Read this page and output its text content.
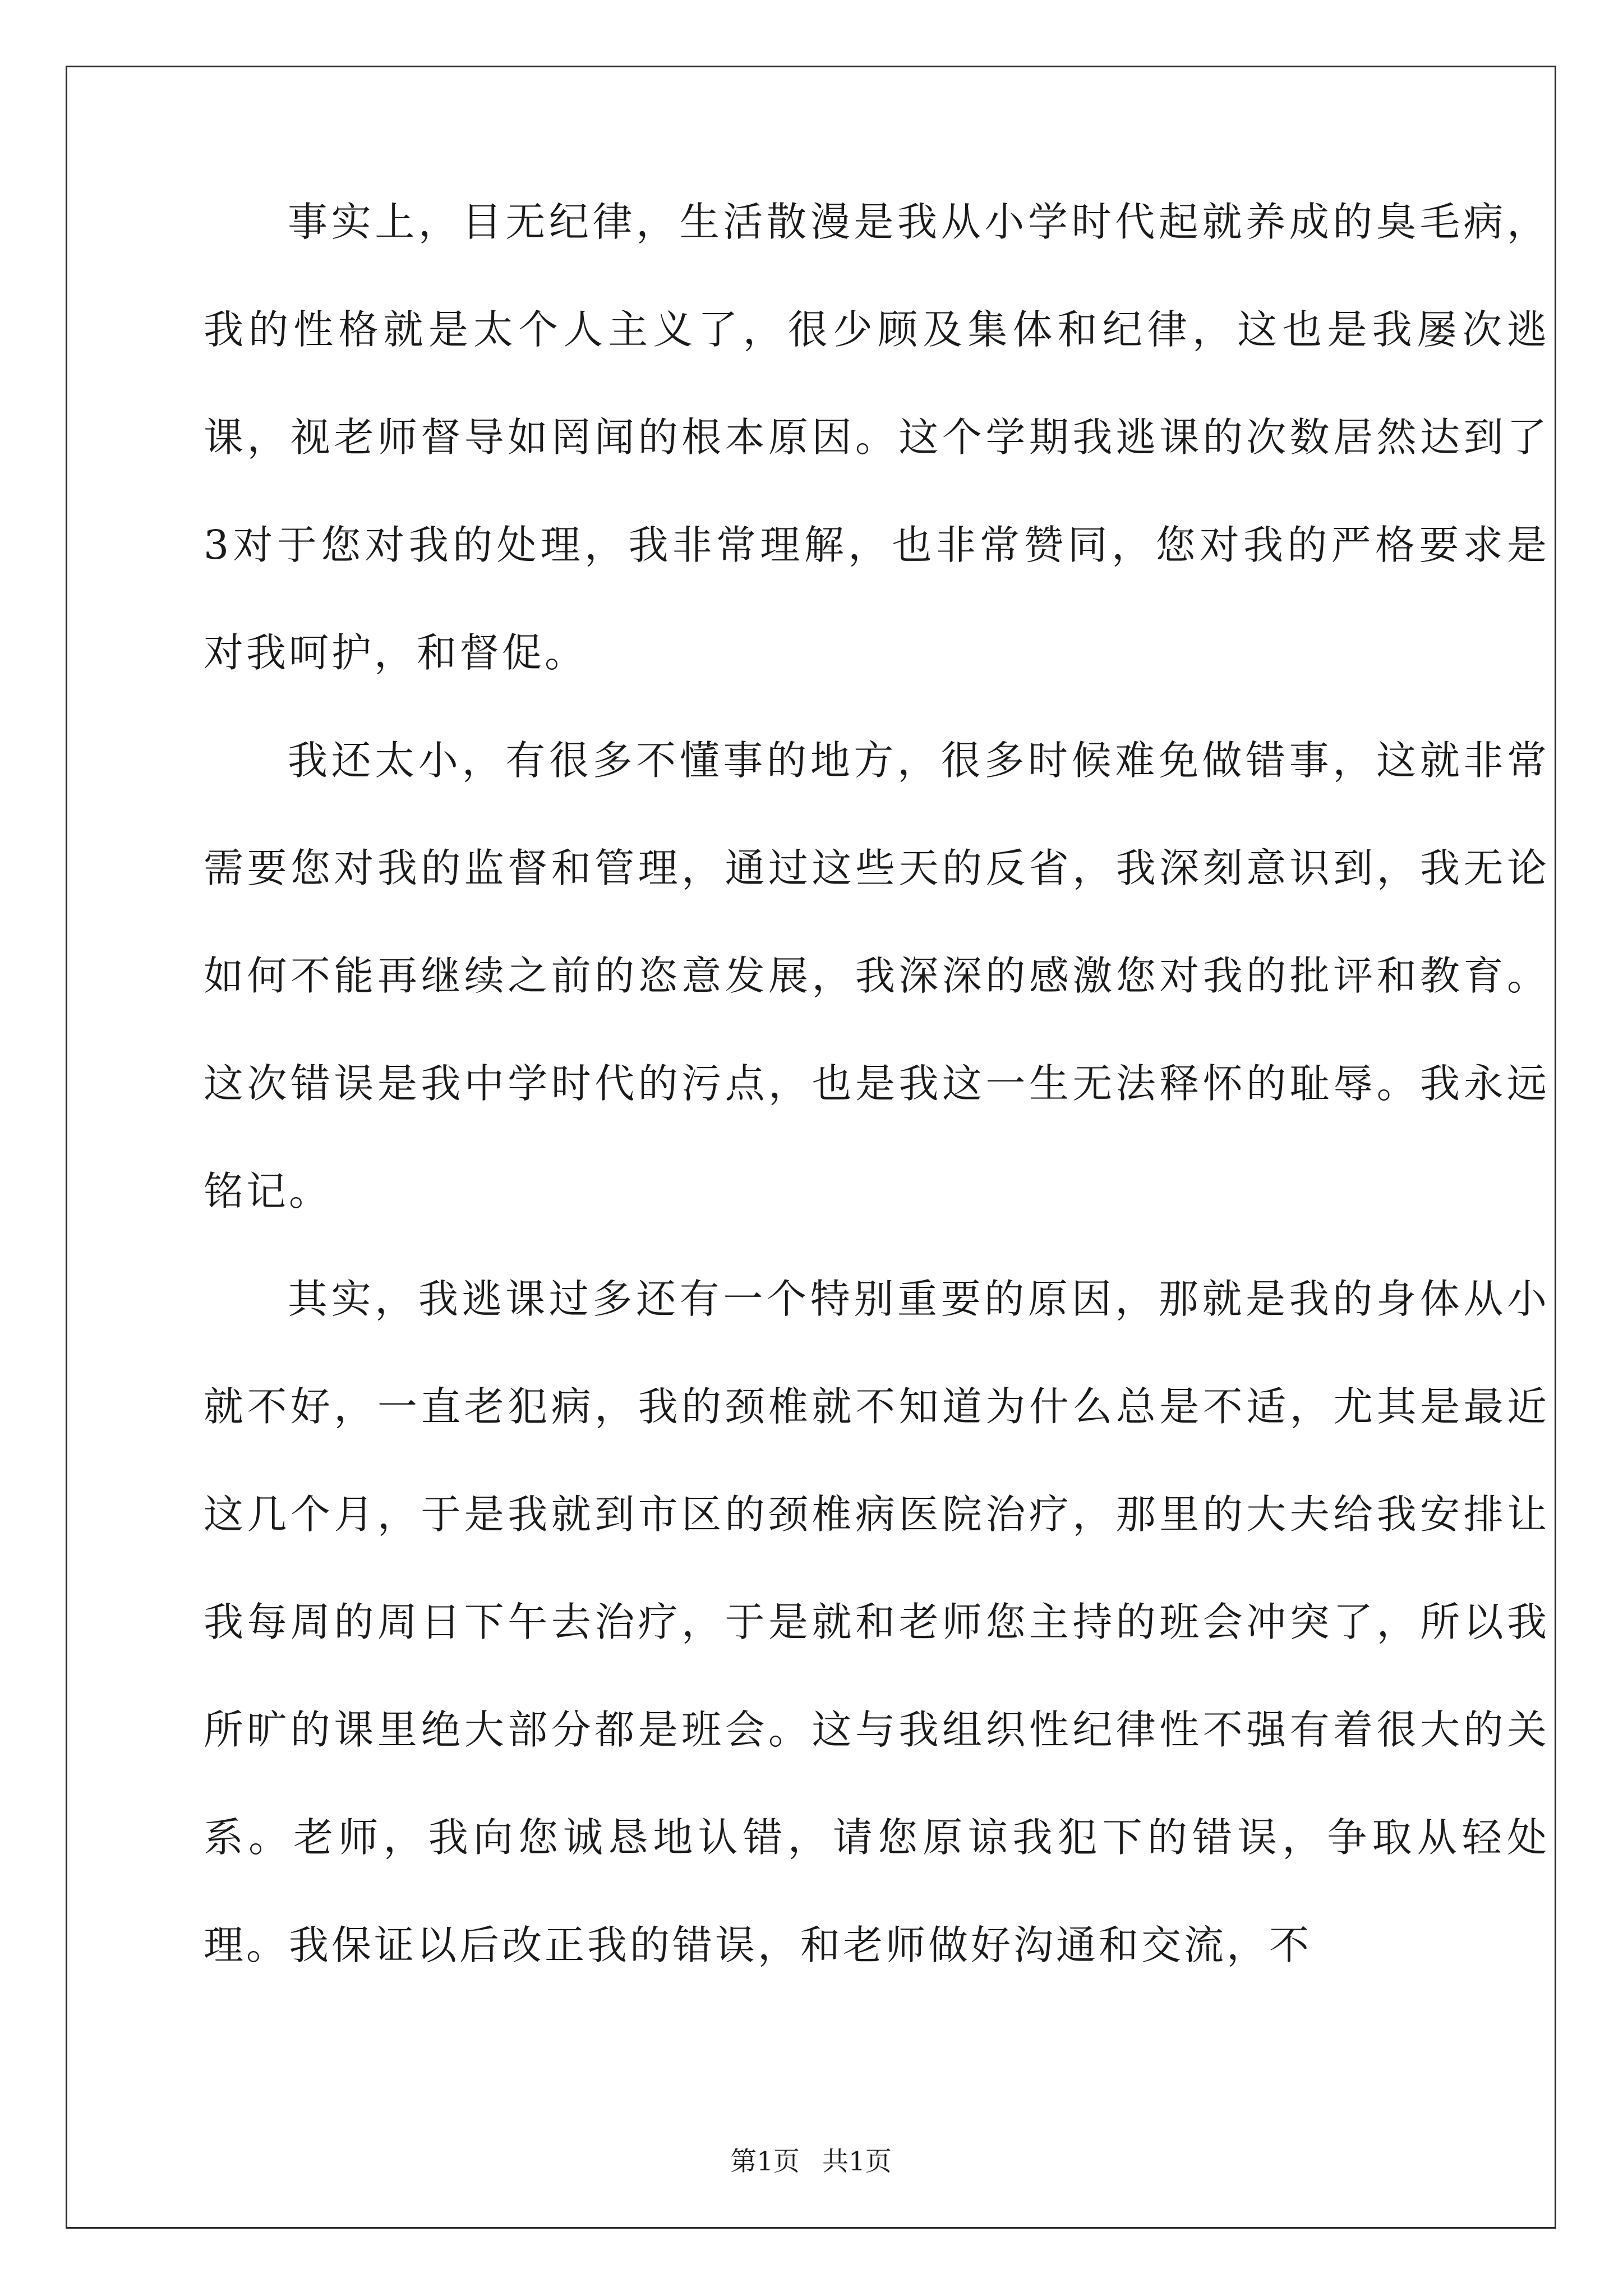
事实上，目无纪律，生活散漫是我从小学时代起就养成的臭毛病，我的性格就是太个人主义了，很少顾及集体和纪律，这也是我屡次逃课，视老师督导如罔闻的根本原因。这个学期我逃课的次数居然达到了3对于您对我的处理，我非常理解，也非常赞同，您对我的严格要求是对我呵护，和督促。

我还太小，有很多不懂事的地方，很多时候难免做错事，这就非常需要您对我的监督和管理，通过这些天的反省，我深刻意识到，我无论如何不能再继续之前的恣意发展，我深深的感激您对我的批评和教育。这次错误是我中学时代的污点，也是我这一生无法释怀的耻辱。我永远铭记。

其实，我逃课过多还有一个特别重要的原因，那就是我的身体从小就不好，一直老犯病，我的颈椎就不知道为什么总是不适，尤其是最近这几个月，于是我就到市区的颈椎病医院治疗，那里的大夫给我安排让我每周的周日下午去治疗，于是就和老师您主持的班会冲突了，所以我所旷的课里绝大部分都是班会。这与我组织性纪律性不强有着很大的关系。老师，我向您诚恳地认错，请您原谅我犯下的错误，争取从轻处理。我保证以后改正我的错误，和老师做好沟通和交流，不

第1页 共1页
